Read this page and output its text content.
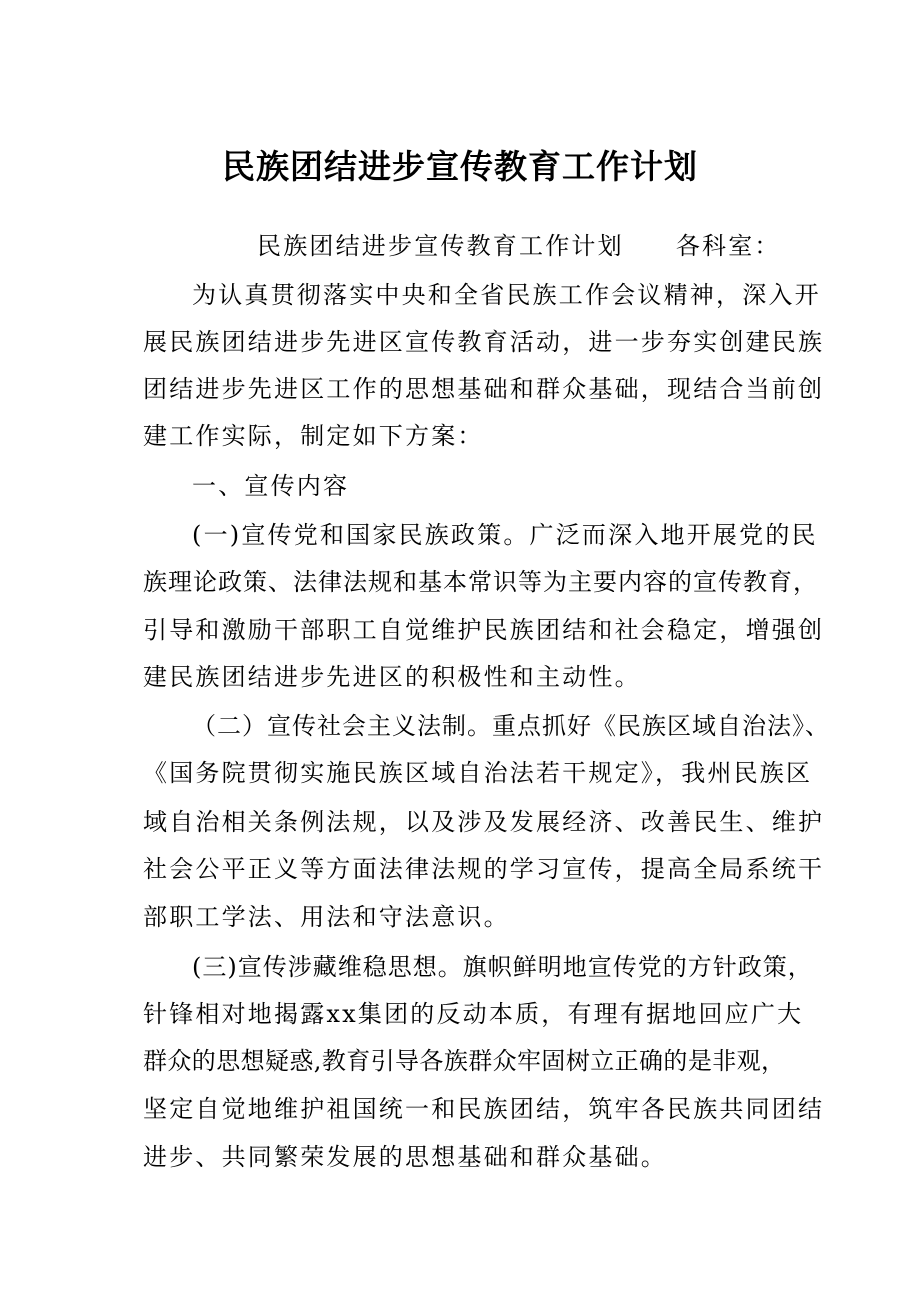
民族团结进步宣传教育工作计划

民族团结进步宣传教育工作计划 各科室：

为认真贯彻落实中央和全省民族工作会议精神，深入开

展民族团结进步先进区宣传教育活动，进一步夯实创建民族

团结进步先进区工作的思想基础和群众基础，现结合当前创

建工作实际，制定如下方案：

一、宣传内容

(一)宣传党和国家民族政策。广泛而深入地开展党的民

族理论政策、法律法规和基本常识等为主要内容的宣传教育，

引导和激励干部职工自觉维护民族团结和社会稳定，增强创

建民族团结进步先进区的积极性和主动性。

（二）宣传社会主义法制。重点抓好《民族区域自治法》、

《国务院贯彻实施民族区域自治法若干规定》，我州民族区

域自治相关条例法规，以及涉及发展经济、改善民生、维护

社会公平正义等方面法律法规的学习宣传，提高全局系统干

部职工学法、用法和守法意识。

(三)宣传涉藏维稳思想。旗帜鲜明地宣传党的方针政策，

针锋相对地揭露xx集团的反动本质，有理有据地回应广大

群众的思想疑惑,教育引导各族群众牢固树立正确的是非观，

坚定自觉地维护祖国统一和民族团结，筑牢各民族共同团结

进步、共同繁荣发展的思想基础和群众基础。
